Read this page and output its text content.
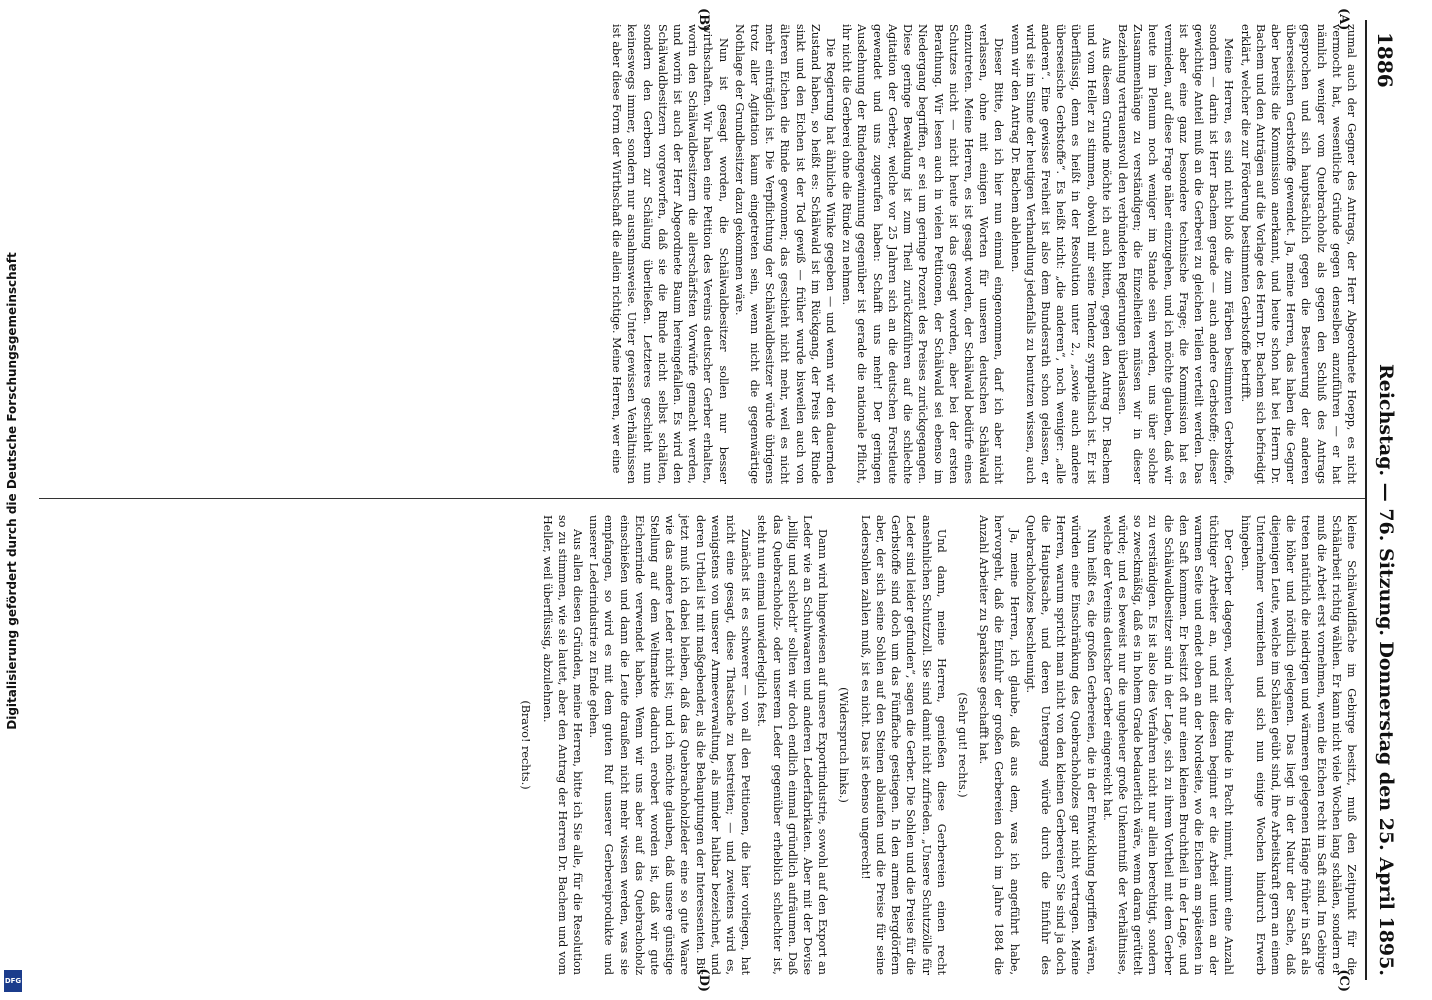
1886
Reichstag. — 76. Sitzung.
Donnerstag den 25. April 1895.
(A)
(B)
(C)
(D)

zumal auch der Gegner des Antrags, der Herr Abgeordnete Hoepp, es nicht vermocht hat, wesentliche Gründe gegen denselben anzuführen — er hat nämlich weniger vom Quebrachoholz als gegen den Schluß des Antrags gesprochen und sich hauptsächlich gegen die Besteuerung der anderen überseeischen Gerbstoffe gewendet. Ja, meine Herren, das haben die Gegner aber bereits die Kommission anerkannt, und heute schon hat bei Herrn Dr. Bachem und den Anträgen auf die Vorlage des Herrn Dr. Bachem sich befriedigt erklärt, welcher die zur Förderung bestimmten Gerbstoffe betrifft.

Meine Herren, es sind nicht bloß die zum Färben bestimmten Gerbstoffe, sondern — darin ist Herr Bachem gerade — auch andere Gerbstoffe; dieser gewichtige Anteil muß an die Gerberei zu gleichen Teilen verteilt werden. Das ist aber eine ganz besondere technische Frage; die Kommission hat es vermieden, auf diese Frage näher einzugehen, und ich möchte glauben, daß wir heute im Plenum noch weniger im Stande sein werden, uns über solche Zusammenhänge zu verständigen; die Einzelheiten müssen wir in dieser Beziehung vertrauensvoll den verbündeten Regierungen überlassen.

Aus diesem Grunde möchte ich auch bitten, gegen den Antrag Dr. Bachem und vom Heller zu stimmen, obwohl mir seine Tendenz sympathisch ist. Er ist überflüssig, denn es heißt in der Resolution unter 2., „sowie auch andere überseeische Gerbstoffe“. Es heißt nicht: „die anderen“, noch weniger: „alle anderen“. Eine gewisse Freiheit ist also dem Bundesrath schon gelassen, er wird sie im Sinne der heutigen Verhandlung jedenfalls zu benutzen wissen, auch wenn wir den Antrag Dr. Bachem ablehnen.

Dieser Bitte, den ich hier nun einmal eingenommen, darf ich aber nicht verlassen, ohne mit einigen Worten für unseren deutschen Schälwald einzutreten. Meine Herren, es ist gesagt worden, der Schälwald bedürfe eines Schutzes nicht — nicht heute ist das gesagt worden, aber bei der ersten Berathung. Wir lesen auch in vielen Petitionen, der Schälwald sei ebenso im Niedergang begriffen, er sei um geringe Prozent des Preises zurückgegangen. Diese geringe Bewaldung ist zum Theil zurückzuführen auf die schlechte Agitation der Gerber, welche vor 25 Jahren sich an die deutschen Forstleute gewendet und uns zugerufen haben: Schafft uns mehr! Der geringen Ausdehnung der Rindengewinnung gegenüber ist gerade die nationale Pflicht, ihr nicht die Gerberei ohne die Rinde zu nehmen.

Die Regierung hat ähnliche Winke gegeben — und wenn wir den dauernden Zustand haben, so heißt es: Schälwald ist im Rückgang, der Preis der Rinde sinkt und den Eichen ist der Tod gewiß — früher wurde bisweilen auch von älteren Eichen die Rinde gewonnen; das geschieht nicht mehr, weil es nicht mehr einträglich ist. Die Verpflichtung der Schälwaldbesitzer würde übrigens trotz aller Agitation kaum eingetreten sein, wenn nicht die gegenwärtige Nothlage der Grundbesitzer dazu gekommen wäre.

Nun ist gesagt worden, die Schälwaldbesitzer sollen nur besser wirthschaften. Wir haben eine Petition des Vereins deutscher Gerber erhalten, worin den Schälwaldbesitzern die allerschärfsten Vorwürfe gemacht werden, und worin ist auch der Herr Abgeordnete Baum hereingefallen. Es wird den Schälwaldbesitzern vorgeworfen, daß sie die Rinde nicht selbst schälten, sondern den Gerbern zur Schälung überließen. Letzteres geschieht nun keineswegs immer, sondern nur ausnahmsweise. Unter gewissen Verhältnissen ist aber diese Form der Wirthschaft die allein richtige. Meine Herren, wer eine

kleine Schälwaldfläche im Gebirge besitzt, muß den Zeitpunkt für die Schälarbeit richtig wählen. Er kann nicht viele Wochen lang schälen, sondern er muß die Arbeit erst vornehmen, wenn die Eichen recht im Saft sind. Im Gebirge treten natürlich die niedrigen und wärmeren gelegenen Hänge früher in Saft als die höher und nördlich gelegenen. Das liegt in der Natur der Sache, daß diejenigen Leute, welche im Schälen geübt sind, ihre Arbeitskraft gern an einem Unternehmer vermiethen und sich nun einige Wochen hindurch Erwerb hingeben.

Der Gerber dagegen, welcher die Rinde in Pacht nimmt, nimmt eine Anzahl tüchtiger Arbeiter an, und mit diesen beginnt er die Arbeit unten an der warmen Seite und endet oben an der Nordseite, wo die Eichen am spätesten in den Saft kommen. Er besitzt oft nur einen kleinen Bruchtheil in der Lage, und die Schälwaldbesitzer sind in der Lage, sich zu ihrem Vortheil mit dem Gerber zu verständigen. Es ist also dies Verfahren nicht nur allein berechtigt, sondern so zweckmäßig, daß es in hohem Grade bedauerlich wäre, wenn daran gerüttelt würde; und es beweist nur die ungeheuer große Unkenntniß der Verhältnisse, welche der Vereins deutscher Gerber eingereicht hat.

Nun heißt es, die großen Gerbereien, die in der Entwicklung begriffen wären, würden eine Einschränkung des Quebrachoholzes gar nicht vertragen. Meine Herren, warum spricht man nicht von den kleinen Gerbereien? Sie sind ja doch die Hauptsache, und deren Untergang würde durch die Einfuhr des Quebrachoholzes beschleunigt.

Ja, meine Herren, ich glaube, daß aus dem, was ich angeführt habe, hervorgeht, daß die Einfuhr der großen Gerbereien doch im Jahre 1884 die Anzahl Arbeiter zu Sparkasse geschafft hat.

(Sehr gut! rechts.)

Und dann, meine Herren, genießen diese Gerbereien einen recht ansehnlichen Schutzzoll. Sie sind damit nicht zufrieden. „Unsere Schutzzölle für Leder sind leider gefunden“, sagen die Gerber. Die Sohlen und die Preise für die Gerbstoffe sind doch um das Fünffache gestiegen. In den armen Bergdörfern aber, der sich seine Sohlen auf den Steinen ablaufen und die Preise für seine Ledersohlen zahlen muß, ist es nicht. Das ist ebenso ungerecht!

(Widerspruch links.)

Dann wird hingewiesen auf unsere Exportindustrie, sowohl auf den Export an Leder wie an Schuhwaaren und anderen Lederfabrikaten. Aber mit der Devise „billig und schlecht“ sollten wir doch endlich einmal gründlich aufräumen. Daß das Quebrachoholz- oder unserem Leder gegenüber erheblich schlechter ist, steht nun einmal unwiderleglich fest.

Zunächst ist es schwerer — von all den Petitionen, die hier vorliegen, hat nicht eine gesagt, diese Thatsache zu bestreiten; — und zweitens wird es, wenigstens von unserer Armeeverwaltung, als minder haltbar bezeichnet, und deren Urtheil ist mit maßgebender, als die Behauptungen der Interessenten. Bis jetzt muß ich dabei bleiben, daß das Quebrachoholzleder eine so gute Waare wie das andere Leder nicht ist; und ich möchte glauben, daß unsere günstige Stellung auf dem Weltmarkte dadurch erobert worden ist, daß wir gute Eichenrinde verwendet haben. Wenn wir uns aber auf das Quebrachoholz einschießen und dann die Leute draußen nicht mehr wissen werden, was sie empfangen, so wird es mit dem guten Ruf unserer Gerbereiprodukte und unserer Lederindustrie zu Ende gehen.

Aus allen diesen Gründen, meine Herren, bitte ich Sie alle, für die Resolution so zu stimmen, wie sie lautet, aber den Antrag der Herren Dr. Bachem und vom Heller, weil überflüssig, abzulehnen.

(Bravo! rechts.)

Digitalisierung gefördert durch die Deutsche Forschungsgemeinschaft
DFG
